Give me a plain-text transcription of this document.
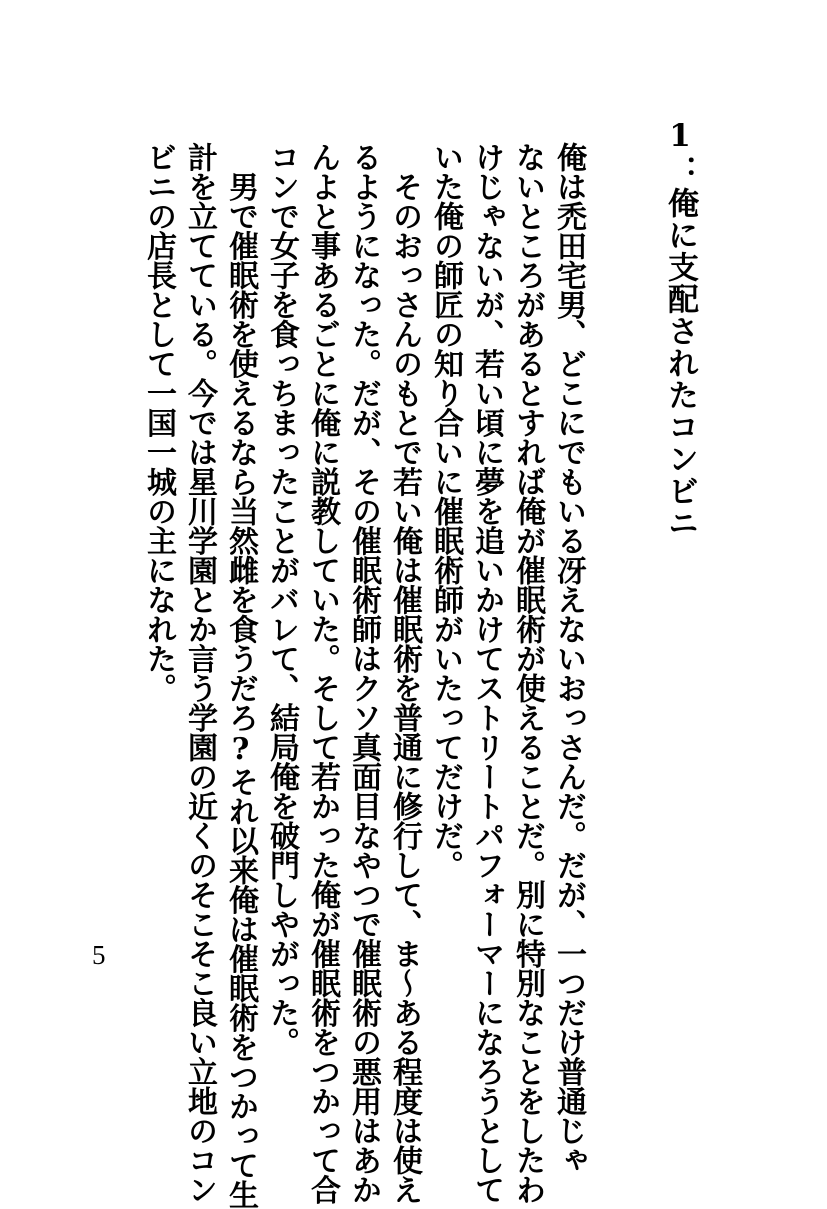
1：俺に支配されたコンビニ
俺は禿田宅男、どこにでもいる冴えないおっさんだ。だが、一つだけ普通じゃ
ないところがあるとすれば俺が催眠術が使えることだ。別に特別なことをしたわ
けじゃないが、若い頃に夢を追いかけてストリートパフォーマーになろうとして
いた俺の師匠の知り合いに催眠術師がいたってだけだ。
　そのおっさんのもとで若い俺は催眠術を普通に修行して、ま～ある程度は使え
るようになった。だが、その催眠術師はクソ真面目なやつで催眠術の悪用はあか
んよと事あるごとに俺に説教していた。そして若かった俺が催眠術をつかって合
コンで女子を食っちまったことがバレて、結局俺を破門しやがった。
　男で催眠術を使えるなら当然雌を食うだろ?それ以来俺は催眠術をつかって生
計を立てている。今では星川学園とか言う学園の近くのそこそこ良い立地のコン
ビニの店長として一国一城の主になれた。
5
